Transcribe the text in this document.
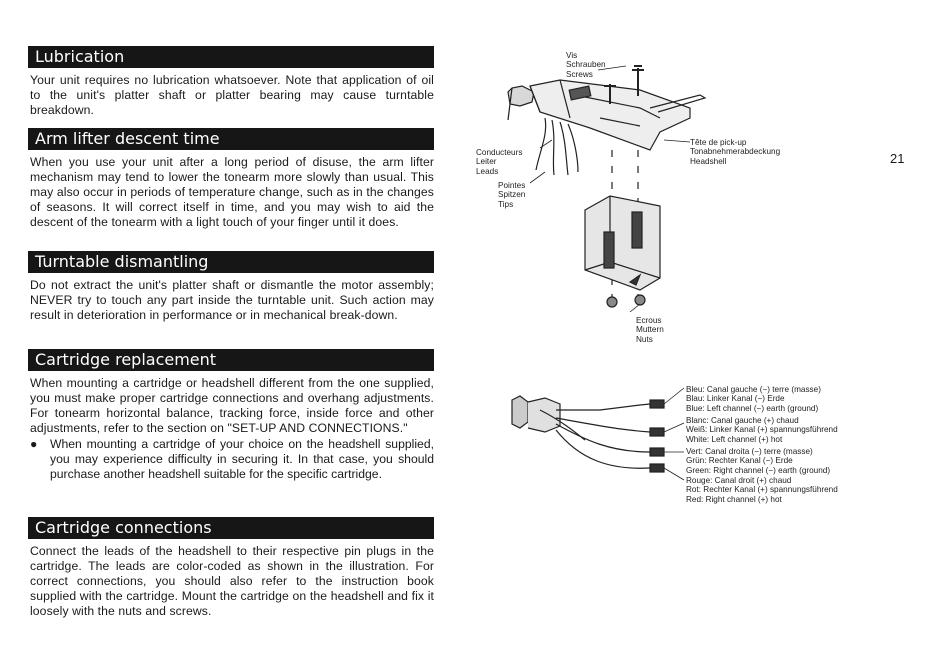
Lubrication
Your unit requires no lubrication whatsoever. Note that application of oil to the unit's platter shaft or platter bearing may cause turntable breakdown.
Arm lifter descent time
When you use your unit after a long period of disuse, the arm lifter mechanism may tend to lower the tonearm more slowly than usual. This may also occur in periods of temperature change, such as in the changes of seasons. It will correct itself in time, and you may wish to aid the descent of the tonearm with a light touch of your finger until it does.
Turntable dismantling
Do not extract the unit's platter shaft or dismantle the motor assembly; NEVER try to touch any part inside the turntable unit. Such action may result in deterioration in performance or in mechanical break-down.
Cartridge replacement
When mounting a cartridge or headshell different from the one supplied, you must make proper cartridge connections and overhang adjustments. For tonearm horizontal balance, tracking force, inside force and other adjustments, refer to the section on "SET-UP AND CONNECTIONS."
●	When mounting a cartridge of your choice on the headshell supplied, you may experience difficulty in securing it. In that case, you should purchase another headshell suitable for the specific cartridge.
Cartridge connections
Connect the leads of the headshell to their respective pin plugs in the cartridge. The leads are color-coded as shown in the illustration. For correct connections, you should also refer to the instruction book supplied with the cartridge. Mount the cartridge on the headshell and fix it loosely with the nuts and screws.
21
Vis
Schrauben
Screws
Conducteurs
Leiter
Leads
Pointes
Spitzen
Tips
Tête de pick-up
Tonabnehmerabdeckung
Headshell
Ecrous
Muttern
Nuts
Bleu: Canal gauche (−) terre (masse)
Blau: Linker Kanal (−) Erde
Blue: Left channel (−) earth (ground)
Blanc: Canal gauche (+) chaud
Weiß: Linker Kanal (+) spannungsführend
White: Left channel (+) hot
Vert: Canal droita (−) terre (masse)
Grün: Rechter Kanal (−) Erde
Green: Right channel (−) earth (ground)
Rouge: Canal droit (+) chaud
Rot: Rechter Kanal (+) spannungsführend
Red: Right channel (+) hot
